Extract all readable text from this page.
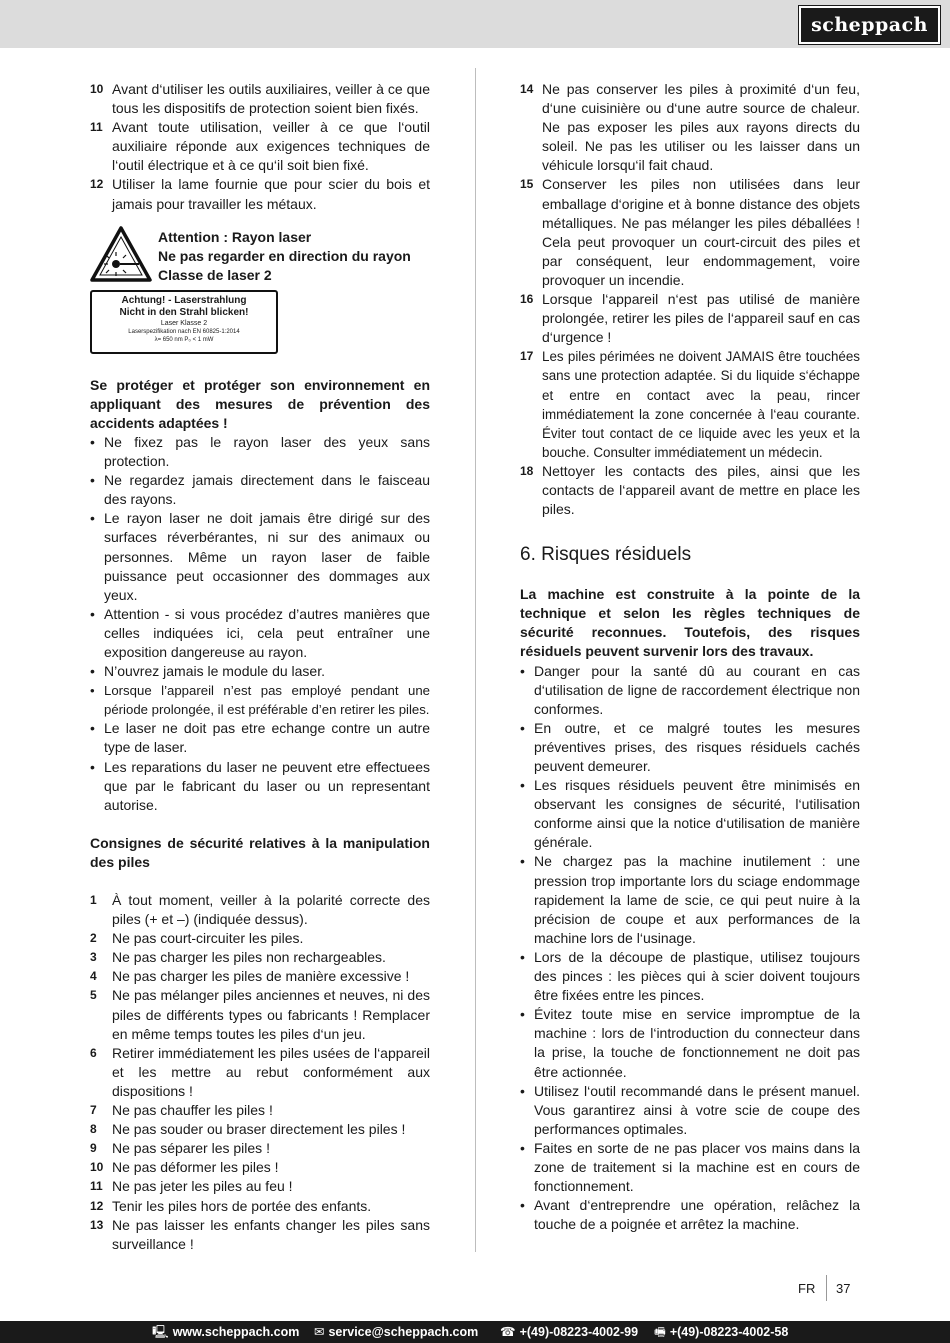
scheppach
10 Avant d‘utiliser les outils auxiliaires, veiller à ce que tous les dispositifs de protection soient bien fixés.
11 Avant toute utilisation, veiller à ce que l‘outil auxiliaire réponde aux exigences techniques de l‘outil électrique et à ce qu‘il soit bien fixé.
12 Utiliser la lame fournie que pour scier du bois et jamais pour travailler les métaux.
Attention : Rayon laser
Ne pas regarder en direction du rayon
Classe de laser 2
Achtung! - Laserstrahlung
Nicht in den Strahl blicken!
Laser Klasse 2
Laserspezifikation nach EN 60825-1:2014
λ= 650 nm P₀ < 1 mW

Se protéger et protéger son environnement en appliquant des mesures de prévention des accidents adaptées !

• Ne fixez pas le rayon laser des yeux sans protection.
• Ne regardez jamais directement dans le faisceau des rayons.
• Le rayon laser ne doit jamais être dirigé sur des surfaces réverbérantes, ni sur des animaux ou personnes. Même un rayon laser de faible puissance peut occasionner des dommages aux yeux.
• Attention - si vous procédez d’autres manières que celles indiquées ici, cela peut entraîner une exposition dangereuse au rayon.
• N’ouvrez jamais le module du laser.
• Lorsque l’appareil n’est pas employé pendant une période prolongée, il est préférable d’en retirer les piles.
• Le laser ne doit pas etre echange contre un autre type de laser.
• Les reparations du laser ne peuvent etre effectuees que par le fabricant du laser ou un representant autorise.

Consignes de sécurité relatives à la manipulation des piles

1 À tout moment, veiller à la polarité correcte des piles (+ et –) (indiquée dessus).
2 Ne pas court-circuiter les piles.
3 Ne pas charger les piles non rechargeables.
4 Ne pas charger les piles de manière excessive !
5 Ne pas mélanger piles anciennes et neuves, ni des piles de différents types ou fabricants ! Remplacer en même temps toutes les piles d‘un jeu.
6 Retirer immédiatement les piles usées de l‘appareil et les mettre au rebut conformément aux dispositions !
7 Ne pas chauffer les piles !
8 Ne pas souder ou braser directement les piles !
9 Ne pas séparer les piles !
10 Ne pas déformer les piles !
11 Ne pas jeter les piles au feu !
12 Tenir les piles hors de portée des enfants.
13 Ne pas laisser les enfants changer les piles sans surveillance !
14 Ne pas conserver les piles à proximité d‘un feu, d‘une cuisinière ou d‘une autre source de chaleur. Ne pas exposer les piles aux rayons directs du soleil. Ne pas les utiliser ou les laisser dans un véhicule lorsqu‘il fait chaud.
15 Conserver les piles non utilisées dans leur emballage d‘origine et à bonne distance des objets métalliques. Ne pas mélanger les piles déballées ! Cela peut provoquer un court-circuit des piles et par conséquent, leur endommagement, voire provoquer un incendie.
16 Lorsque l‘appareil n‘est pas utilisé de manière prolongée, retirer les piles de l‘appareil sauf en cas d‘urgence !
17 Les piles périmées ne doivent JAMAIS être touchées sans une protection adaptée. Si du liquide s‘échappe et entre en contact avec la peau, rincer immédiatement la zone concernée à l‘eau courante. Éviter tout contact de ce liquide avec les yeux et la bouche. Consulter immédiatement un médecin.
18 Nettoyer les contacts des piles, ainsi que les contacts de l‘appareil avant de mettre en place les piles.
6. Risques résiduels

La machine est construite à la pointe de la technique et selon les règles techniques de sécurité reconnues. Toutefois, des risques résiduels peuvent survenir lors des travaux.

• Danger pour la santé dû au courant en cas d‘utilisation de ligne de raccordement électrique non conformes.
• En outre, et ce malgré toutes les mesures préventives prises, des risques résiduels cachés peuvent demeurer.
• Les risques résiduels peuvent être minimisés en observant les consignes de sécurité, l‘utilisation conforme ainsi que la notice d‘utilisation de manière générale.
• Ne chargez pas la machine inutilement : une pression trop importante lors du sciage endommage rapidement la lame de scie, ce qui peut nuire à la précision de coupe et aux performances de la machine lors de l‘usinage.
• Lors de la découpe de plastique, utilisez toujours des pinces : les pièces qui à scier doivent toujours être fixées entre les pinces.
• Évitez toute mise en service impromptue de la machine : lors de l‘introduction du connecteur dans la prise, la touche de fonctionnement ne doit pas être actionnée.
• Utilisez l‘outil recommandé dans le présent manuel. Vous garantirez ainsi à votre scie de coupe des performances optimales.
• Faites en sorte de ne pas placer vos mains dans la zone de traitement si la machine est en cours de fonctionnement.
• Avant d‘entreprendre une opération, relâchez la touche de a poignée et arrêtez la machine.
FR 37
🖳 www.scheppach.com ✉ service@scheppach.com ☎ +(49)-08223-4002-99 🖷 +(49)-08223-4002-58
